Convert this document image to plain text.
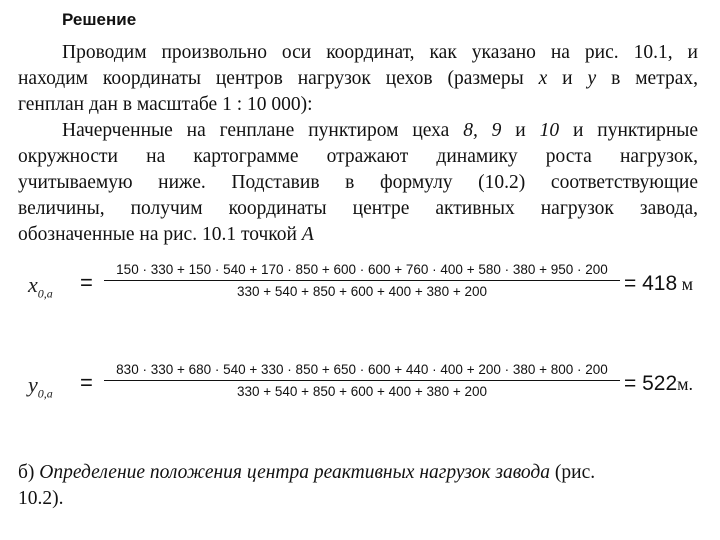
Решение
Проводим произвольно оси координат, как указано на рис. 10.1, и
находим координаты центров нагрузок цехов (размеры x и y в метрах,
генплан дан в масштабе 1 : 10 000):
Начерченные на генплане пунктиром цеха 8, 9 и 10 и пунктирные
окружности на картограмме отражают динамику роста нагрузок,
учитываемую ниже. Подставив в формулу (10.2) соответствующие
величины, получим координаты центре активных нагрузок завода,
обозначенные на рис. 10.1 точкой A
$x_{0,а}$ =
150 · 330 + 150 · 540 + 170 · 850 + 600 · 600 + 760 · 400 + 580 · 380 + 950 · 200
330 + 540 + 850 + 600 + 400 + 380 + 200	= 418 м
$y_{0,а}$ =
830 · 330 + 680 · 540 + 330 · 850 + 650 · 600 + 440 · 400 + 200 · 380 + 800 · 200
330 + 540 + 850 + 600 + 400 + 380 + 200	= 522м.
б) Определение положения центра реактивных нагрузок завода (рис.
10.2).
